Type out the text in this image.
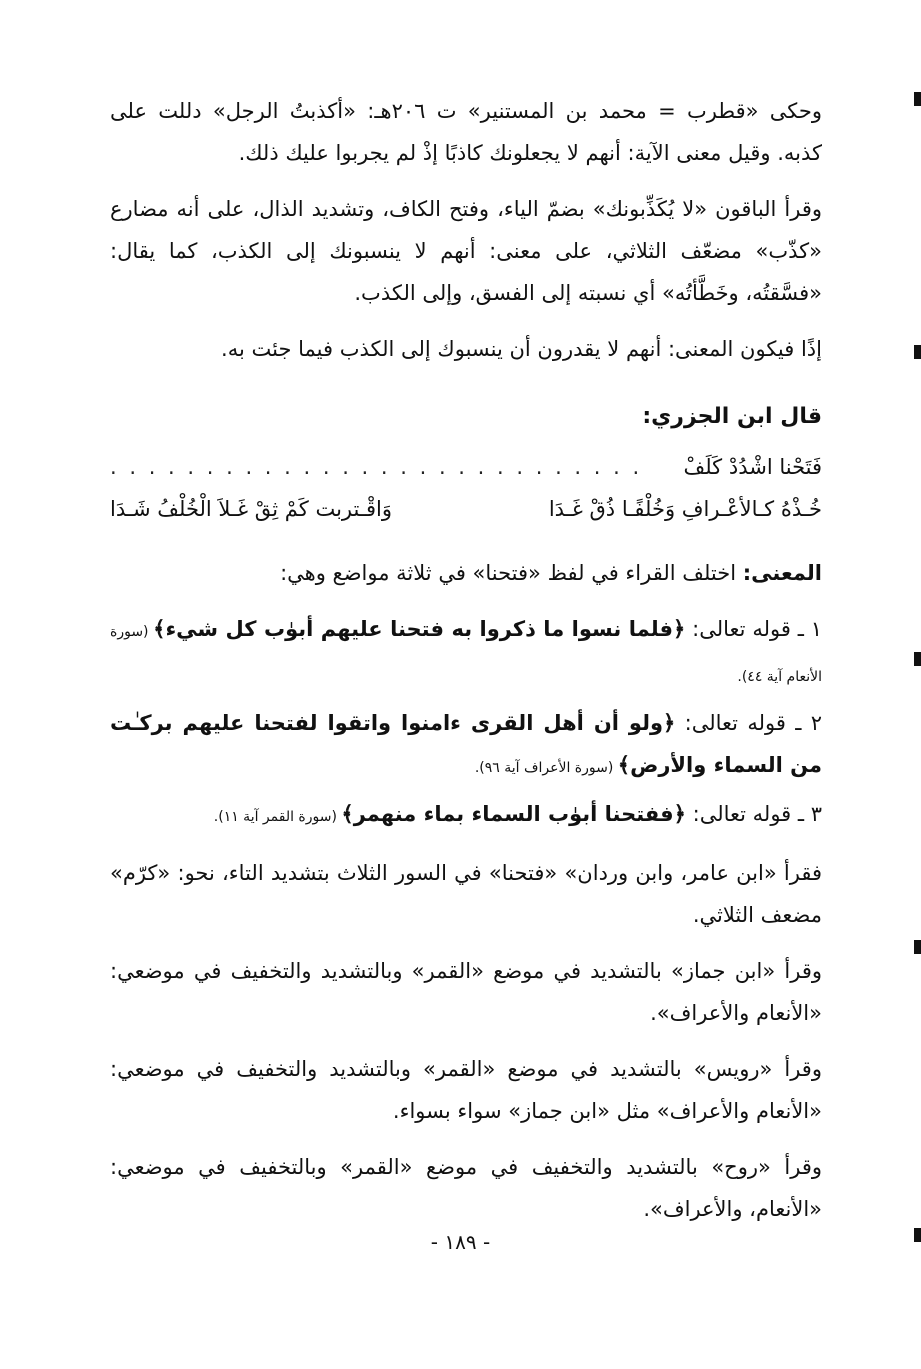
وحكى «قطرب = محمد بن المستنير» ت ٢٠٦هـ: «أكذبتُ الرجل» دللت على كذبه. وقيل معنى الآية: أنهم لا يجعلونك كاذبًا إذْ لم يجربوا عليك ذلك.

وقرأ الباقون «لا يُكَذِّبونك» بضمّ الياء، وفتح الكاف، وتشديد الذال، على أنه مضارع «كذّب» مضعّف الثلاثي، على معنى: أنهم لا ينسبونك إلى الكذب، كما يقال: «فسَّقتُه، وخَطَّأتُه» أي نسبته إلى الفسق، وإلى الكذب.

إذًا فيكون المعنى: أنهم لا يقدرون أن ينسبوك إلى الكذب فيما جئت به.

قال ابن الجزري:
فَتَحْنا اشْدُدْ كَلَفْ
. . . . . . . . . . . . . . . . . . . . . . . . . . . .
خُـذْهُ كـالأعْـرافِ وَخُلْفًـا ذُقْ غَـدَا
وَاقْـتربت كَمْ ثِقْ غَـلاَ الْخُلْفُ شَـدَا

المعنى: اختلف القراء في لفظ «فتحنا» في ثلاثة مواضع وهي:

١ ـ قوله تعالى: ﴿فلما نسوا ما ذكروا به فتحنا عليهم أبوٰب كل شيء﴾ (سورة الأنعام آية ٤٤).

٢ ـ قوله تعالى: ﴿ولو أن أهل القرى ءامنوا واتقوا لفتحنا عليهم بركـٰت من السماء والأرض﴾ (سورة الأعراف آية ٩٦).

٣ ـ قوله تعالى: ﴿ففتحنا أبوٰب السماء بماء منهمر﴾ (سورة القمر آية ١١).

فقرأ «ابن عامر، وابن وردان» «فتحنا» في السور الثلاث بتشديد التاء، نحو: «كرّم» مضعف الثلاثي.

وقرأ «ابن جماز» بالتشديد في موضع «القمر» وبالتشديد والتخفيف في موضعي: «الأنعام والأعراف».

وقرأ «رويس» بالتشديد في موضع «القمر» وبالتشديد والتخفيف في موضعي: «الأنعام والأعراف» مثل «ابن جماز» سواء بسواء.

وقرأ «روح» بالتشديد والتخفيف في موضع «القمر» وبالتخفيف في موضعي: «الأنعام، والأعراف».

- ١٨٩ -
